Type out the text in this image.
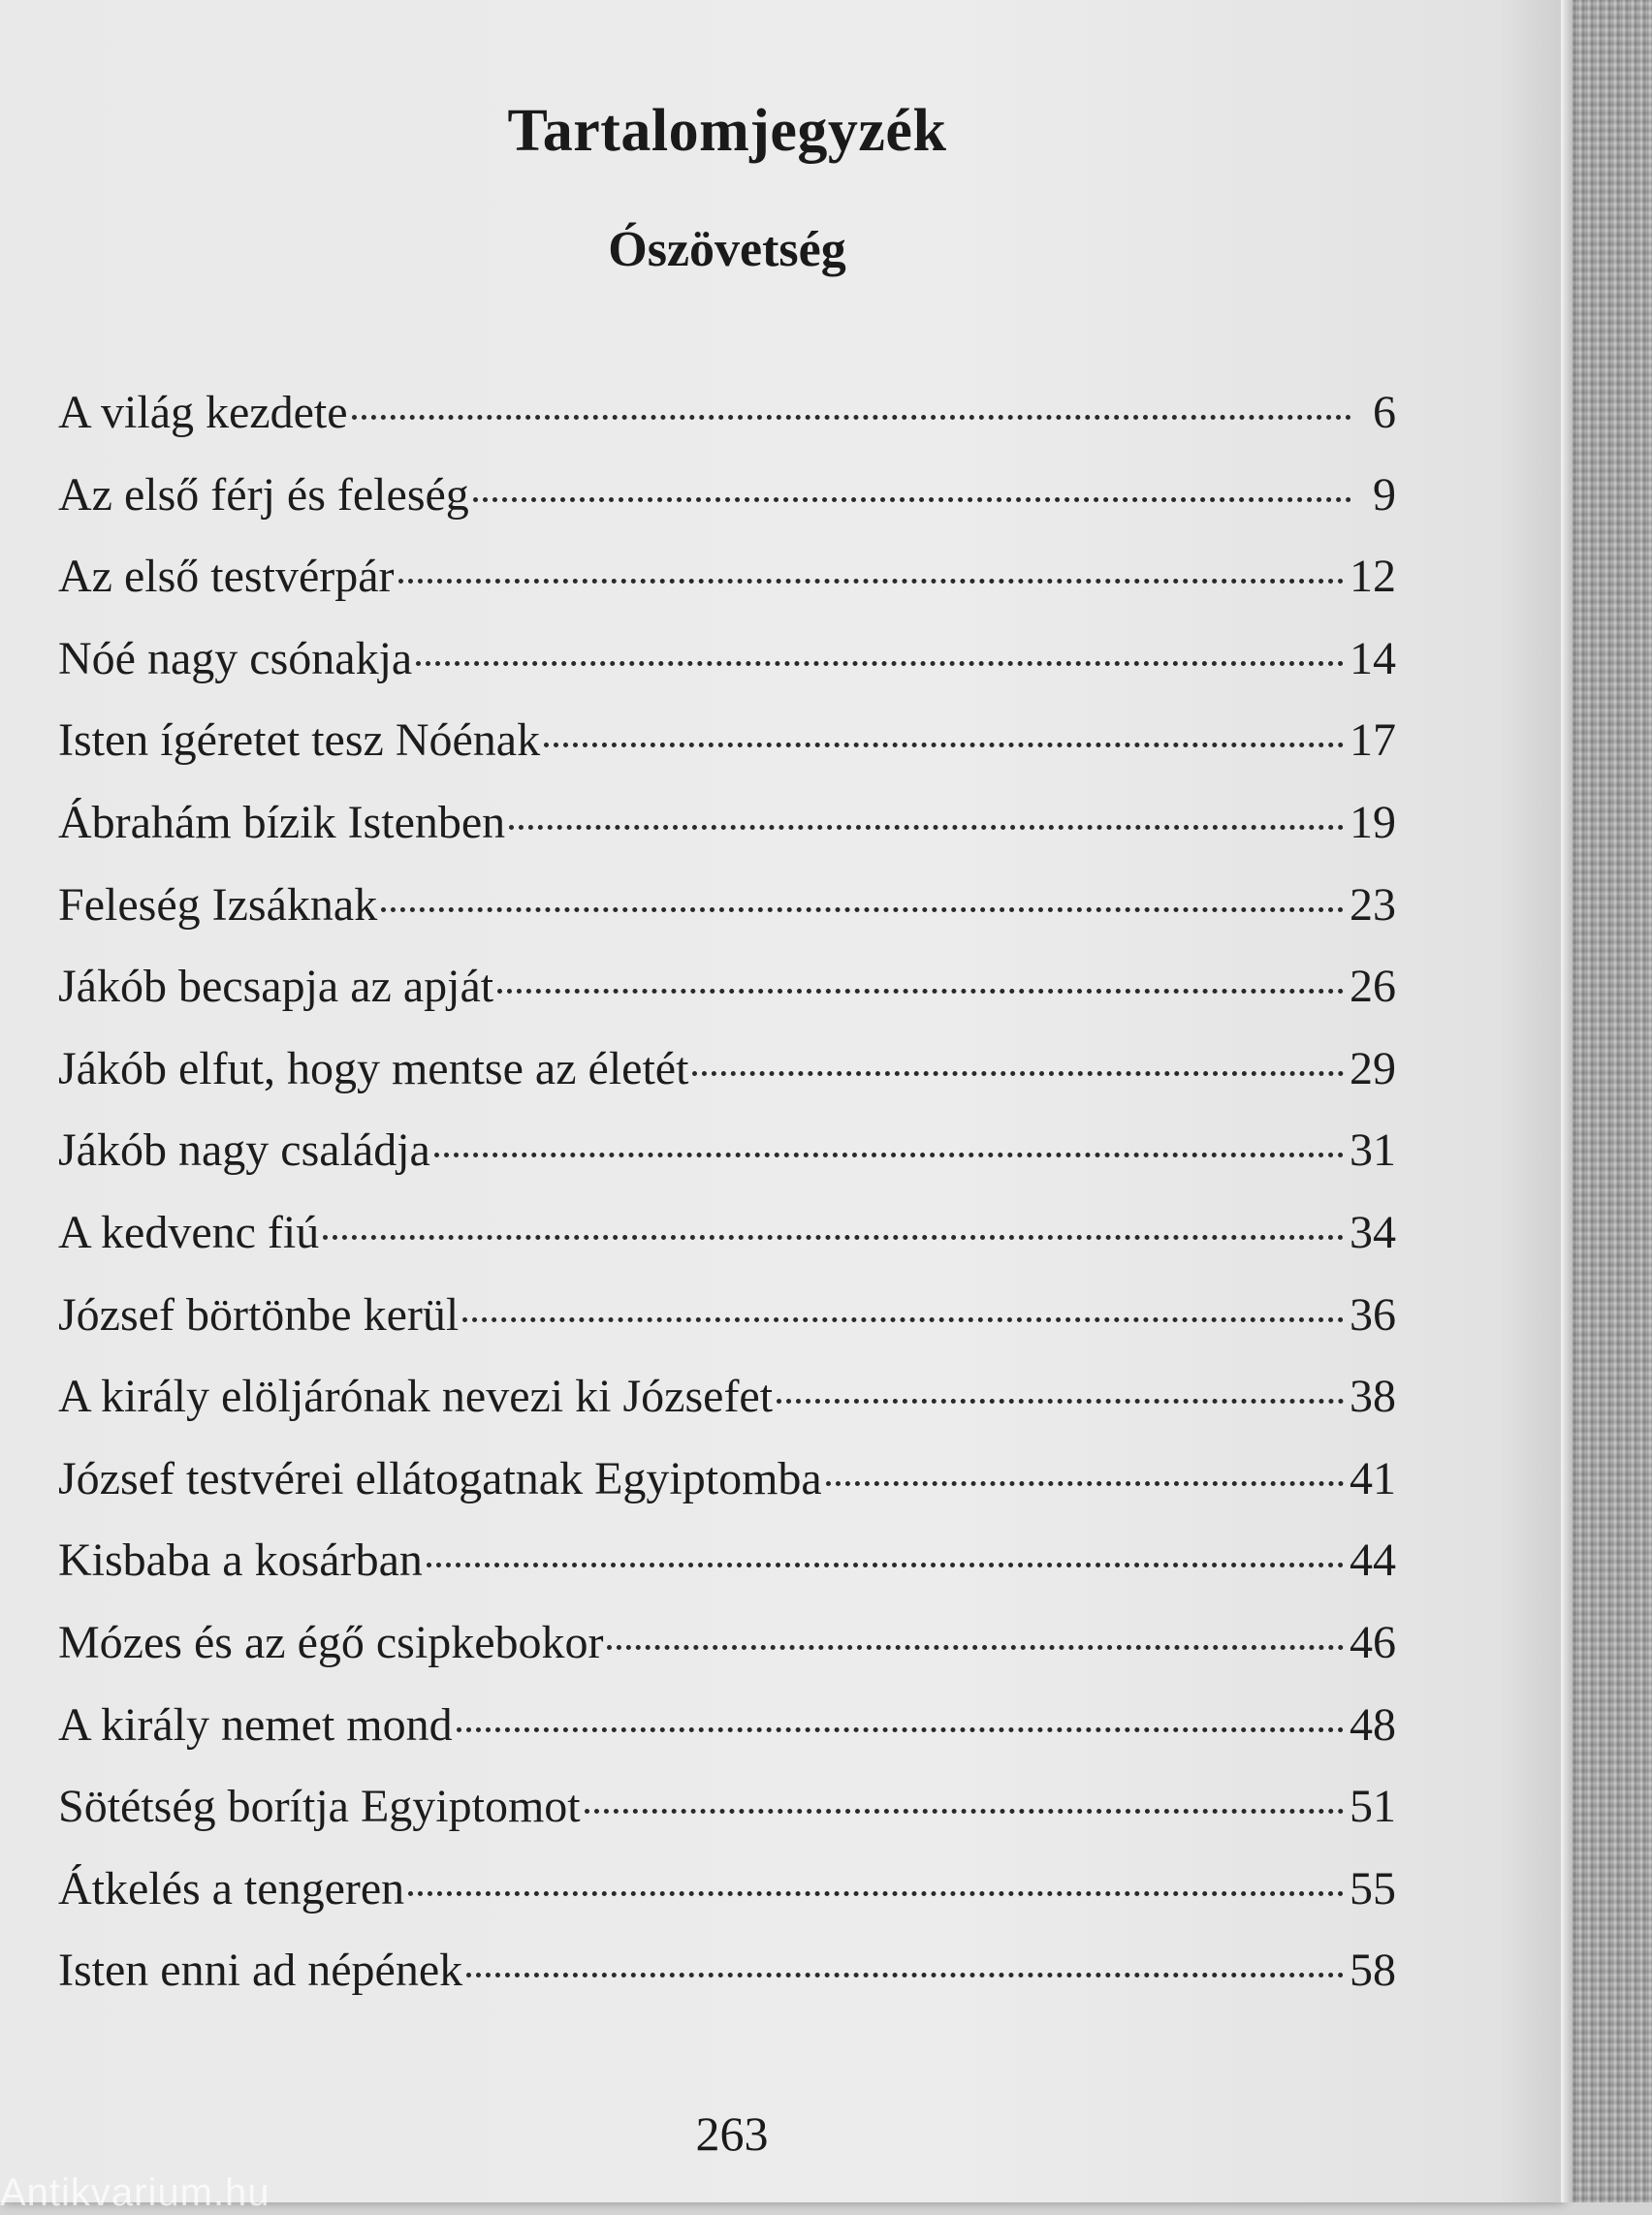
Tartalomjegyzék
Ószövetség
A világ kezdete	6
Az első férj és feleség	9
Az első testvérpár	12
Nóé nagy csónakja	14
Isten ígéretet tesz Nóénak	17
Ábrahám bízik Istenben	19
Feleség Izsáknak	23
Jákób becsapja az apját	26
Jákób elfut, hogy mentse az életét	29
Jákób nagy családja	31
A kedvenc fiú	34
József börtönbe kerül	36
A király elöljárónak nevezi ki Józsefet	38
József testvérei ellátogatnak Egyiptomba	41
Kisbaba a kosárban	44
Mózes és az égő csipkebokor	46
A király nemet mond	48
Sötétség borítja Egyiptomot	51
Átkelés a tengeren	55
Isten enni ad népének	58
263
Antikvarium.hu
